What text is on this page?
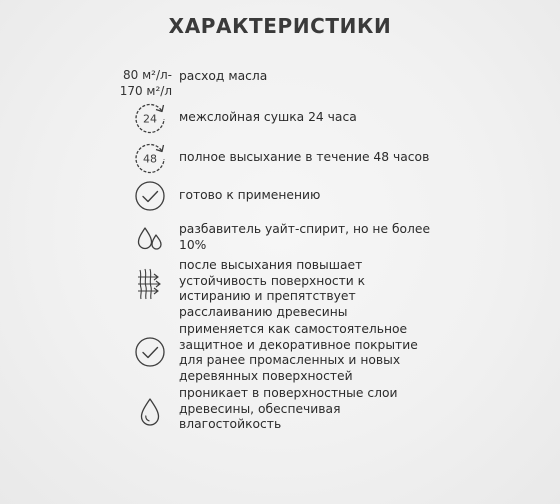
ХАРАКТЕРИСТИКИ
80 м²/л-
170 м²/л
расход масла
24 межслойная сушка 24 часа
48 полное высыхание в течение 48 часов
готово к применению
разбавитель уайт-спирит, но не более 10%
после высыхания повышает устойчивость поверхности к истиранию и препятствует расслаиванию древесины
применяется как самостоятельное защитное и декоративное покрытие для ранее промасленных и новых деревянных поверхностей
проникает в поверхностные слои древесины, обеспечивая влагостойкость
